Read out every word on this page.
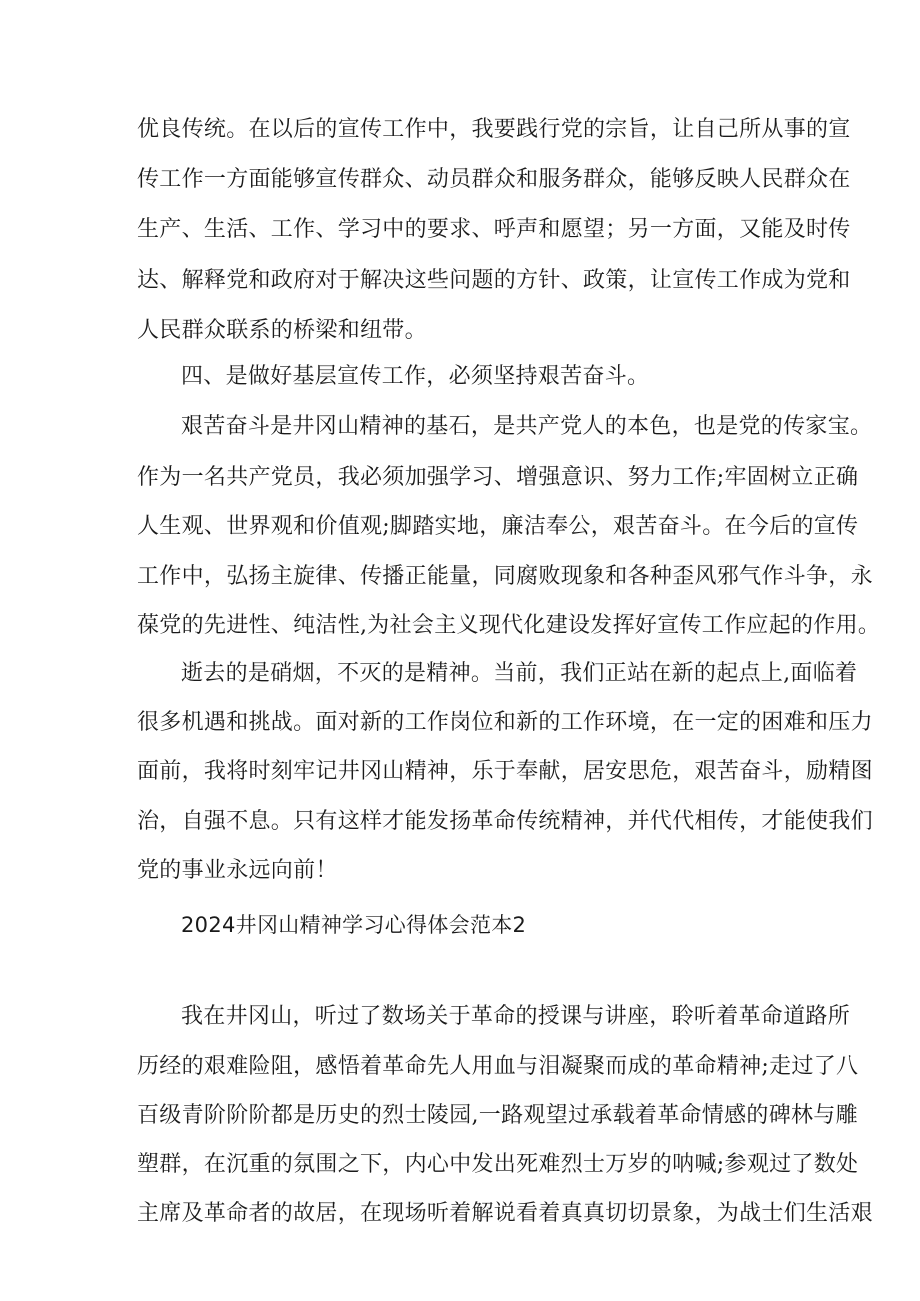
优良传统。在以后的宣传工作中，我要践行党的宗旨，让自己所从事的宣
传工作一方面能够宣传群众、动员群众和服务群众，能够反映人民群众在
生产、生活、工作、学习中的要求、呼声和愿望；另一方面，又能及时传
达、解释党和政府对于解决这些问题的方针、政策，让宣传工作成为党和
人民群众联系的桥梁和纽带。
四、是做好基层宣传工作，必须坚持艰苦奋斗。
艰苦奋斗是井冈山精神的基石，是共产党人的本色，也是党的传家宝。
作为一名共产党员，我必须加强学习、增强意识、努力工作;牢固树立正确
人生观、世界观和价值观;脚踏实地，廉洁奉公，艰苦奋斗。在今后的宣传
工作中，弘扬主旋律、传播正能量，同腐败现象和各种歪风邪气作斗争，永
葆党的先进性、纯洁性,为社会主义现代化建设发挥好宣传工作应起的作用。
逝去的是硝烟，不灭的是精神。当前，我们正站在新的起点上,面临着
很多机遇和挑战。面对新的工作岗位和新的工作环境，在一定的困难和压力
面前，我将时刻牢记井冈山精神，乐于奉献，居安思危，艰苦奋斗，励精图
治，自强不息。只有这样才能发扬革命传统精神，并代代相传，才能使我们
党的事业永远向前！
2024井冈山精神学习心得体会范本2
我在井冈山，听过了数场关于革命的授课与讲座，聆听着革命道路所
历经的艰难险阻，感悟着革命先人用血与泪凝聚而成的革命精神;走过了八
百级青阶阶阶都是历史的烈士陵园,一路观望过承载着革命情感的碑林与雕
塑群，在沉重的氛围之下，内心中发出死难烈士万岁的呐喊;参观过了数处
主席及革命者的故居，在现场听着解说看着真真切切景象，为战士们生活艰
